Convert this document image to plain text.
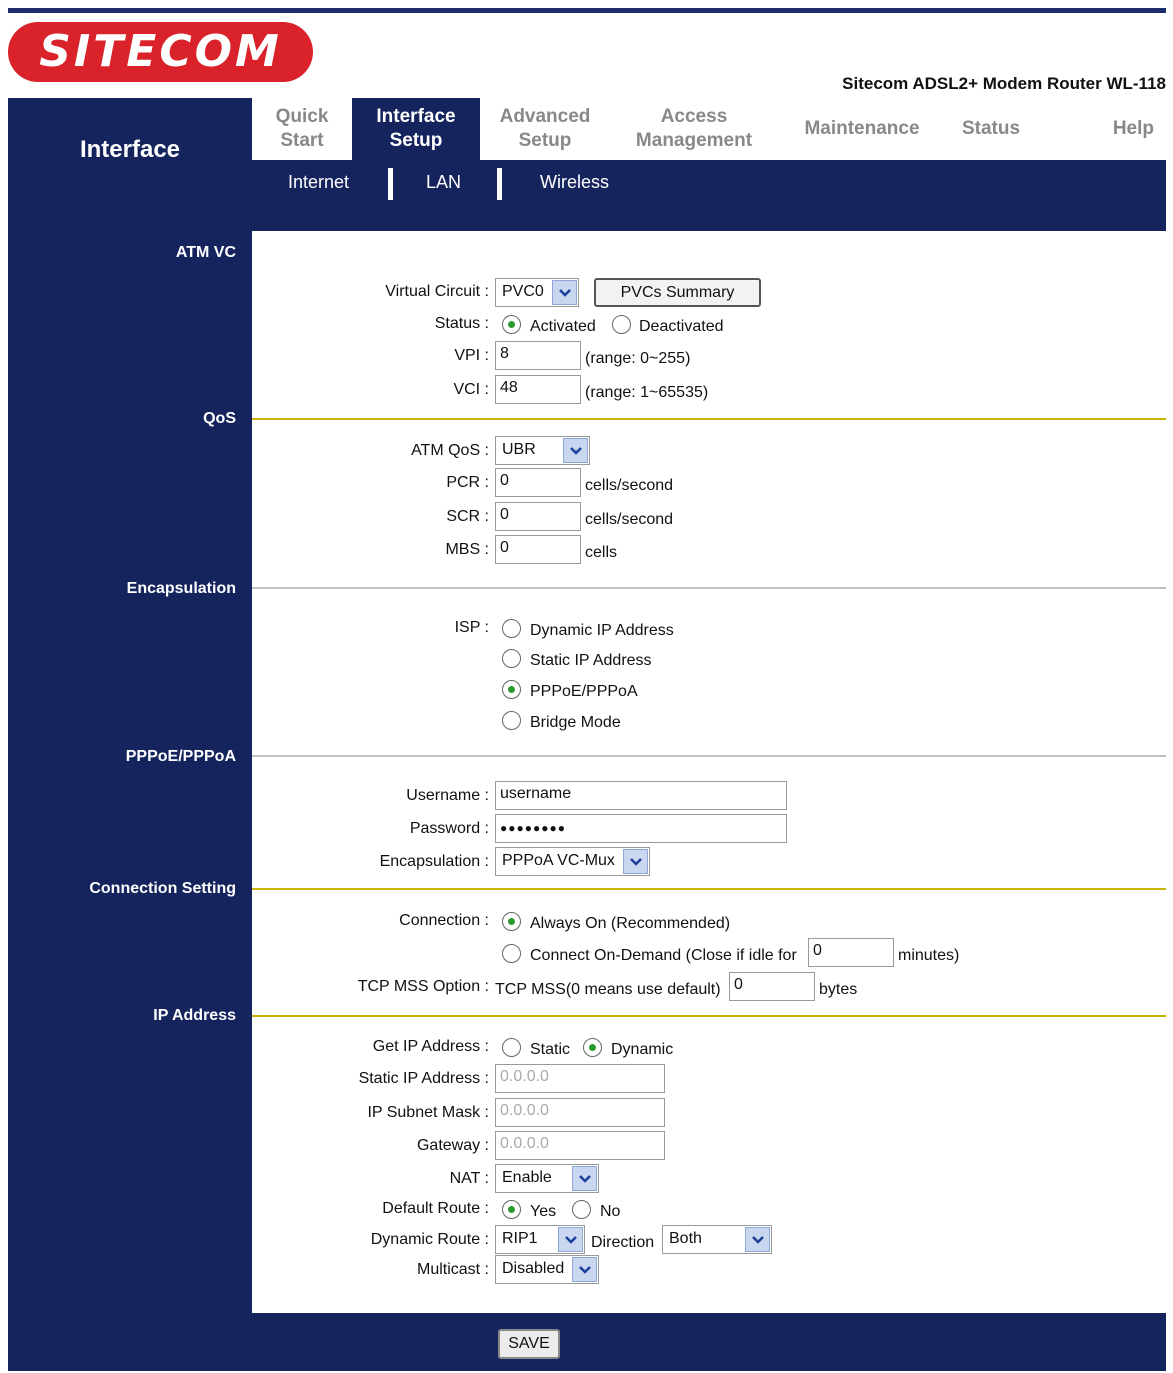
SITECOM
Sitecom ADSL2+ Modem Router WL-118
Interface
Quick
Start
Interface
Setup
Advanced
Setup
Access
Management
Maintenance Status	Help
Internet	LAN	Wireless
ATM VC
QoS
Encapsulation
PPPoE/PPPoA
Connection Setting
IP Address
Virtual Circuit : PVC0	PVCs Summary
Status :	Activated	Deactivated
VPI : 8	(range: 0~255)
VCI : 48	(range: 1~65535)
ATM QoS : UBR
PCR : 0	cells/second
SCR : 0	cells/second
MBS : 0	cells
ISP :	Dynamic IP Address
Static IP Address
PPPoE/PPPoA
Bridge Mode
Username : username
Password : ●●●●●●●●
Encapsulation : PPPoA VC-Mux
Connection :	Always On (Recommended)
Connect On-Demand (Close if idle for	0	minutes)
TCP MSS Option : TCP MSS(0 means use default) 0	bytes
Get IP Address :	Static	Dynamic
Static IP Address : 0.0.0.0
IP Subnet Mask : 0.0.0.0
Gateway : 0.0.0.0
NAT : Enable
Default Route :	Yes	No
Dynamic Route : RIP1	Direction Both
Multicast : Disabled
SAVE
